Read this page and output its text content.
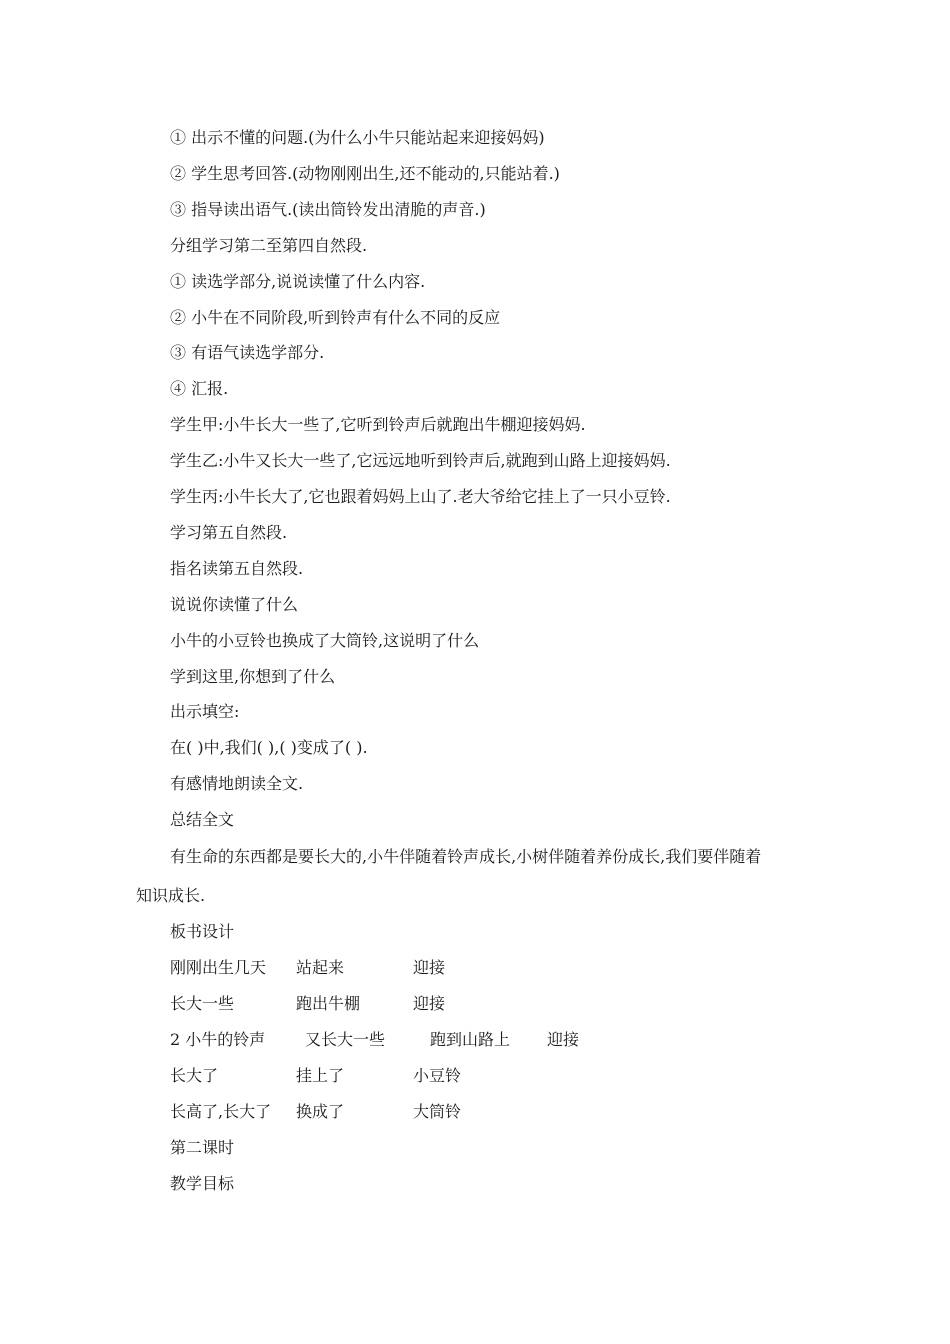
① 出示不懂的问题.(为什么小牛只能站起来迎接妈妈)
② 学生思考回答.(动物刚刚出生,还不能动的,只能站着.)
③ 指导读出语气.(读出筒铃发出清脆的声音.)
分组学习第二至第四自然段.
① 读选学部分,说说读懂了什么内容.
② 小牛在不同阶段,听到铃声有什么不同的反应
③ 有语气读选学部分.
④ 汇报.
学生甲:小牛长大一些了,它听到铃声后就跑出牛棚迎接妈妈.
学生乙:小牛又长大一些了,它远远地听到铃声后,就跑到山路上迎接妈妈.
学生丙:小牛长大了,它也跟着妈妈上山了.老大爷给它挂上了一只小豆铃.
学习第五自然段.
指名读第五自然段.
说说你读懂了什么
小牛的小豆铃也换成了大筒铃,这说明了什么
学到这里,你想到了什么
出示填空:
在( )中,我们( ),( )变成了( ).
有感情地朗读全文.
总结全文
有生命的东西都是要长大的,小牛伴随着铃声成长,小树伴随着养份成长,我们要伴随着
知识成长.
板书设计
刚刚出生几天 站起来	迎接
长大一些	跑出牛棚	迎接
2 小牛的铃声 又长大一些	跑到山路上 迎接
长大了	挂上了	小豆铃
长高了,长大了 换成了	大筒铃
第二课时
教学目标
